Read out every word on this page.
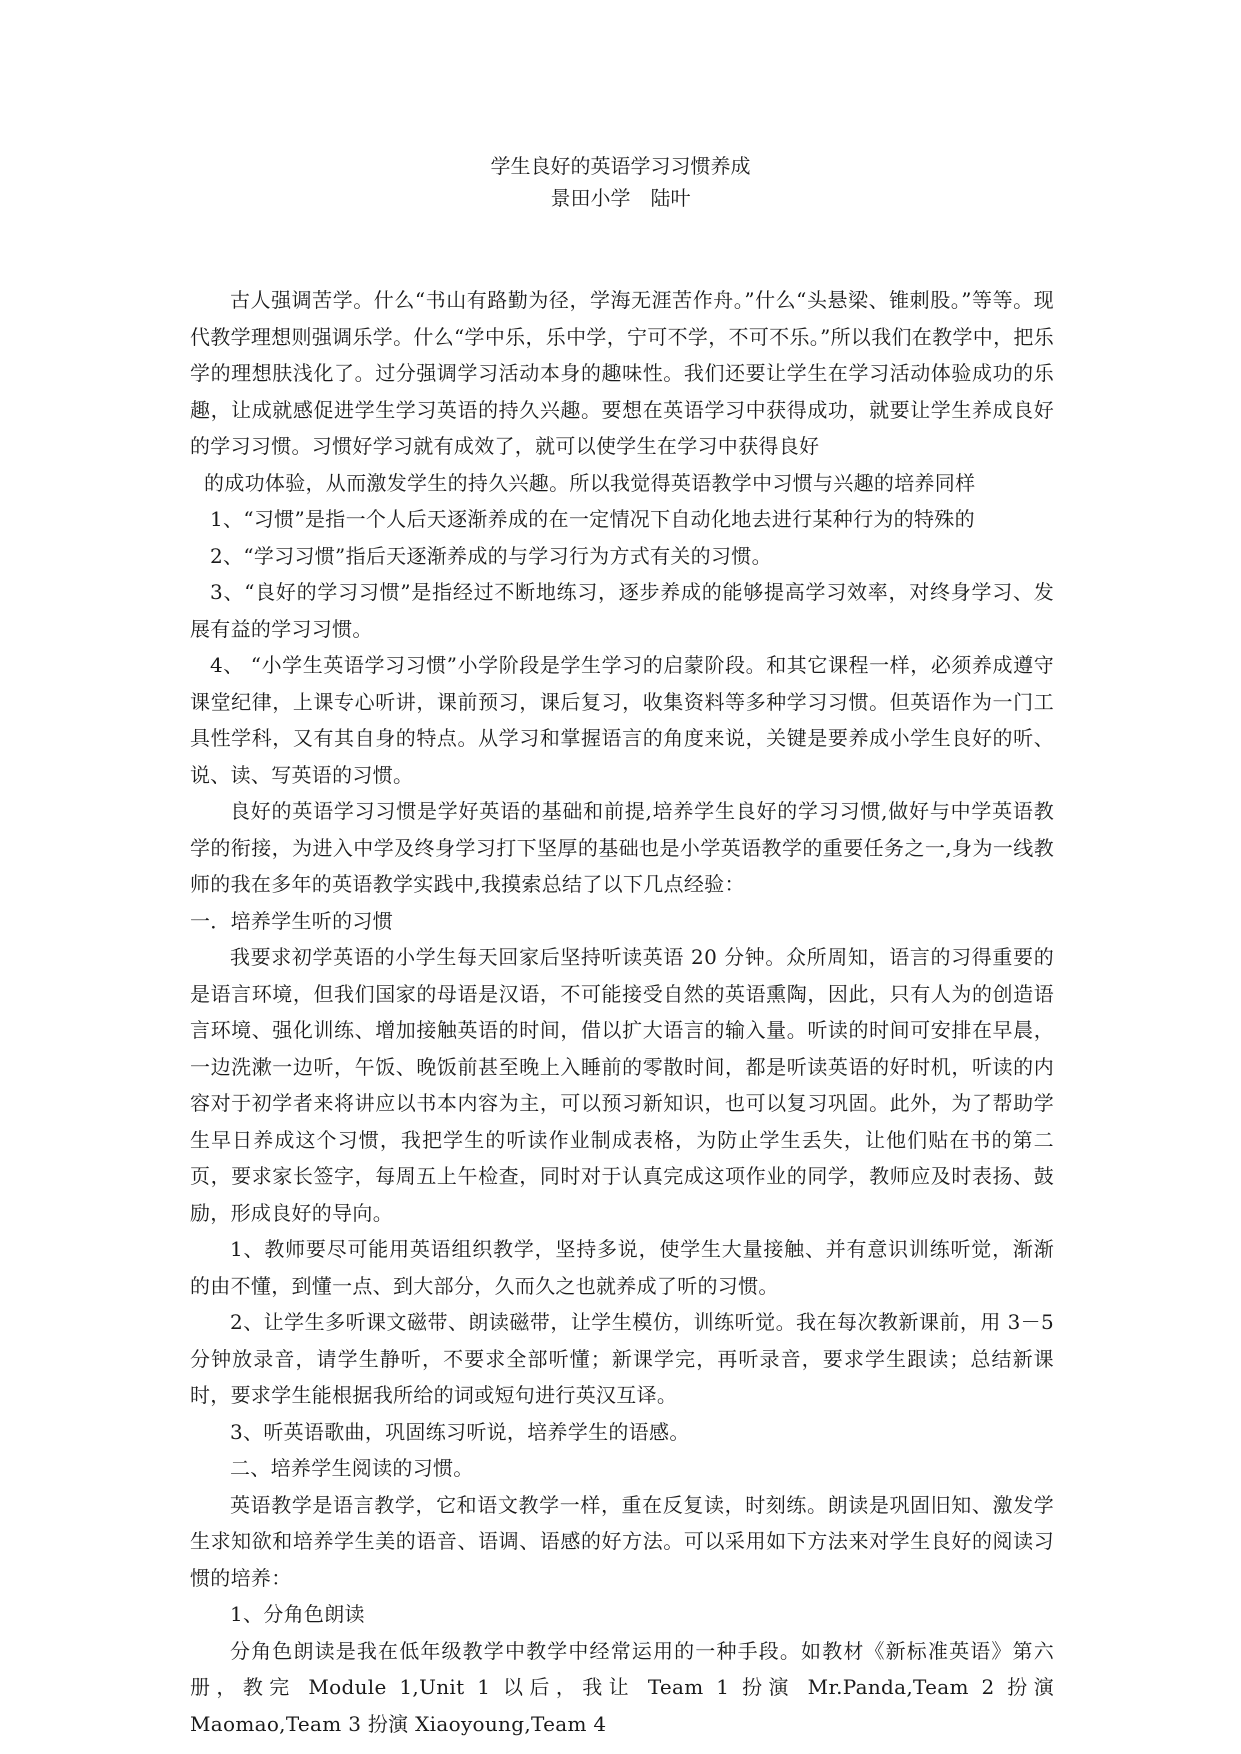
学生良好的英语学习习惯养成
景田小学　陆叶

古人强调苦学。什么“书山有路勤为径，学海无涯苦作舟。”什么“头悬梁、锥刺股。”等等。现代教学理想则强调乐学。什么“学中乐，乐中学，宁可不学，不可不乐。”所以我们在教学中，把乐学的理想肤浅化了。过分强调学习活动本身的趣味性。我们还要让学生在学习活动体验成功的乐趣，让成就感促进学生学习英语的持久兴趣。要想在英语学习中获得成功，就要让学生养成良好的学习习惯。习惯好学习就有成效了，就可以使学生在学习中获得良好

的成功体验，从而激发学生的持久兴趣。所以我觉得英语教学中习惯与兴趣的培养同样

1、“习惯”是指一个人后天逐渐养成的在一定情况下自动化地去进行某种行为的特殊的

2、“学习习惯”指后天逐渐养成的与学习行为方式有关的习惯。

3、“良好的学习习惯”是指经过不断地练习，逐步养成的能够提高学习效率，对终身学习、发展有益的学习习惯。

4、 “小学生英语学习习惯”小学阶段是学生学习的启蒙阶段。和其它课程一样，必须养成遵守课堂纪律，上课专心听讲，课前预习，课后复习，收集资料等多种学习习惯。但英语作为一门工具性学科，又有其自身的特点。从学习和掌握语言的角度来说，关键是要养成小学生良好的听、说、读、写英语的习惯。

良好的英语学习习惯是学好英语的基础和前提,培养学生良好的学习习惯,做好与中学英语教学的衔接，为进入中学及终身学习打下坚厚的基础也是小学英语教学的重要任务之一,身为一线教师的我在多年的英语教学实践中,我摸索总结了以下几点经验：

一．培养学生听的习惯

我要求初学英语的小学生每天回家后坚持听读英语 20 分钟。众所周知，语言的习得重要的是语言环境，但我们国家的母语是汉语，不可能接受自然的英语熏陶，因此，只有人为的创造语言环境、强化训练、增加接触英语的时间，借以扩大语言的输入量。听读的时间可安排在早晨，一边洗漱一边听，午饭、晚饭前甚至晚上入睡前的零散时间，都是听读英语的好时机，听读的内容对于初学者来将讲应以书本内容为主，可以预习新知识，也可以复习巩固。此外，为了帮助学生早日养成这个习惯，我把学生的听读作业制成表格，为防止学生丢失，让他们贴在书的第二页，要求家长签字，每周五上午检查，同时对于认真完成这项作业的同学，教师应及时表扬、鼓励，形成良好的导向。

1、教师要尽可能用英语组织教学，坚持多说，使学生大量接触、并有意识训练听觉，渐渐的由不懂，到懂一点、到大部分，久而久之也就养成了听的习惯。

2、让学生多听课文磁带、朗读磁带，让学生模仿，训练听觉。我在每次教新课前，用 3－5 分钟放录音，请学生静听，不要求全部听懂；新课学完，再听录音，要求学生跟读；总结新课时，要求学生能根据我所给的词或短句进行英汉互译。

3、听英语歌曲，巩固练习听说，培养学生的语感。

二、培养学生阅读的习惯。

英语教学是语言教学，它和语文教学一样，重在反复读，时刻练。朗读是巩固旧知、激发学生求知欲和培养学生美的语音、语调、语感的好方法。可以采用如下方法来对学生良好的阅读习惯的培养：

1、分角色朗读

分角色朗读是我在低年级教学中教学中经常运用的一种手段。如教材《新标准英语》第六册，教完 Module 1,Unit 1 以后，我让 Team 1 扮演 Mr.Panda,Team 2 扮演 Maomao,Team 3 扮演 Xiaoyoung,Team 4
